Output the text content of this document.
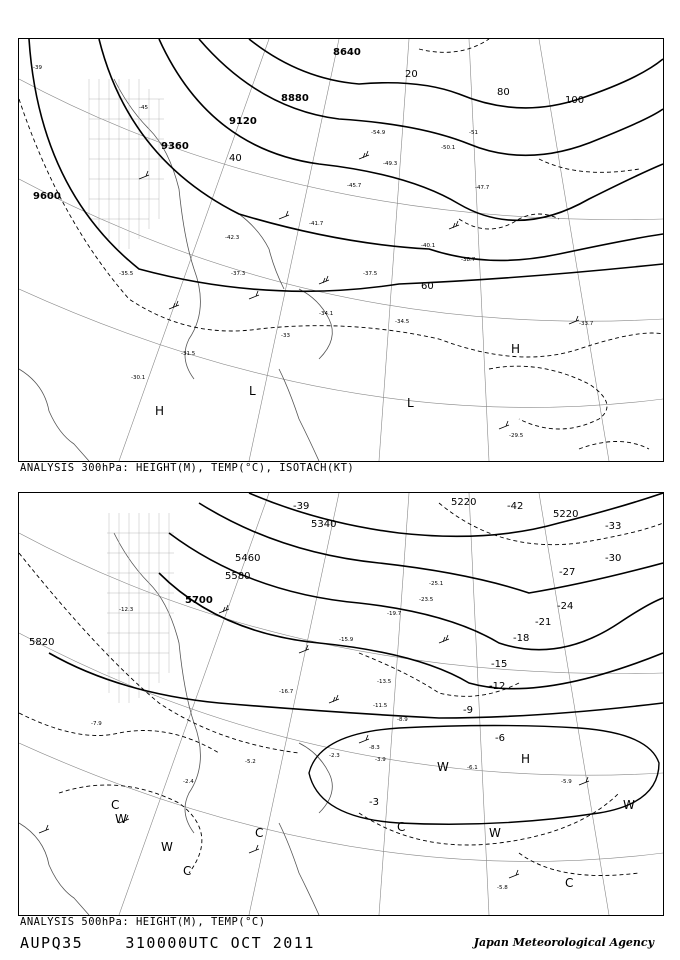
8640
8880
9120
9360
9600
20
40
60
80
100
-39
-45
-51
-45.7	-47.7
-54.9
-50.1
-49.3
-41.7
-37.5
-38.7
-40.1
-34.1
-34.5
-31.5
-30.1
-29.5
-33.7
-35.5	-37.3
-42.3
-33
H
L
L
H
ANALYSIS 300hPa: HEIGHT(M), TEMP(°C), ISOTACH(KT)
5220
5340
5460
5580
5700
5820
5220
-39	-42
-33
-30
-27
-24
-21
-18
-15
-12
-9
-6
-3
-25.1
-23.5
-19.7
-15.9
-13.5
-11.5
-8.9
-8.3
-6.1
-5.9
-5.8
-5.2
-2.4
-3.9
-7.9
-12.3
-16.7
-2.3
W
C
W
C
C
W
H
W
C
C	W
ANALYSIS 500hPa: HEIGHT(M), TEMP(°C)
AUPQ35	310000UTC OCT 2011	Japan Meteorological Agency
